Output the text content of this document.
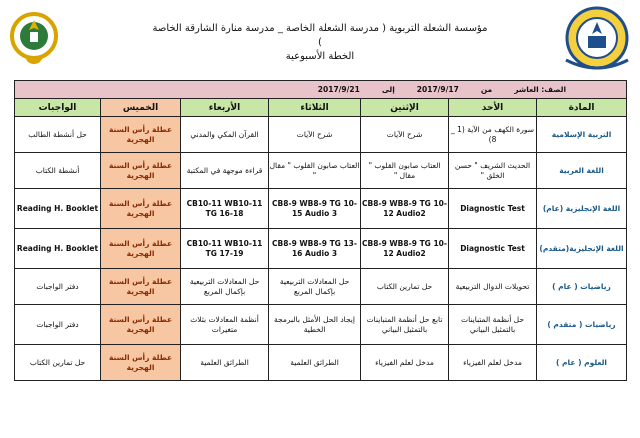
مؤسسة الشعلة التربوية ( مدرسة الشعلة الخاصة _ مدرسة منارة الشارقة الخاصة )
الخطة الأسبوعية
الصف: العاشر
من
2017/9/17
إلى
2017/9/21						

المادة	الأحد	الإثنين	الثلاثاء	الأربعاء	الخميس	الواجبات
التربية الإسلامية	سورة الكهف من الآية (1 _ 8)	شرح الآيات	شرح الآيات	القرآن المكي والمدني	عطلة رأس السنة الهجرية	حل أنشطة الطالب
اللغة العربية	الحديث الشريف " حسن الخلق "	العتاب صابون القلوب " مقال "	العتاب صابون القلوب " مقال "	قراءة موجهة في المكتبة	عطلة رأس السنة الهجرية	أنشطة الكتاب
اللغة الإنجليزية (عام)	Diagnostic Test	CB8-9 WB8-9 TG 10-12 Audio2	CB8-9 WB8-9 TG 10-15 Audio 3	CB10-11 WB10-11 TG 16-18	عطلة رأس السنة الهجرية	Reading H. Booklet
اللغة الإنجليزية(متقدم)	Diagnostic Test	CB8-9 WB8-9 TG 10-12 Audio2	CB8-9 WB8-9 TG 13-16 Audio 3	CB10-11 WB10-11 TG 17-19	عطلة رأس السنة الهجرية	Reading H. Booklet
رياضيات ( عام )	تحويلات الدوال التربيعية	حل تمارين الكتاب	حل المعادلات التربيعية بإكمال المربع	حل المعادلات التربيعية بإكمال المربع	عطلة رأس السنة الهجرية	دفتر الواجبات
رياضيات ( متقدم )	حل أنظمة المتباينات بالتمثيل البياني	تابع حل أنظمة المتباينات بالتمثيل البياني	إيجاد الحل الأمثل بالبرمجة الخطية	أنظمة المعادلات بثلاث متغيرات	عطلة رأس السنة الهجرية	دفتر الواجبات
العلوم ( عام )	مدخل لعلم الفيزياء	مدخل لعلم الفيزياء	الطرائق العلمية	الطرائق العلمية	عطلة رأس السنة الهجرية	حل تمارين الكتاب
